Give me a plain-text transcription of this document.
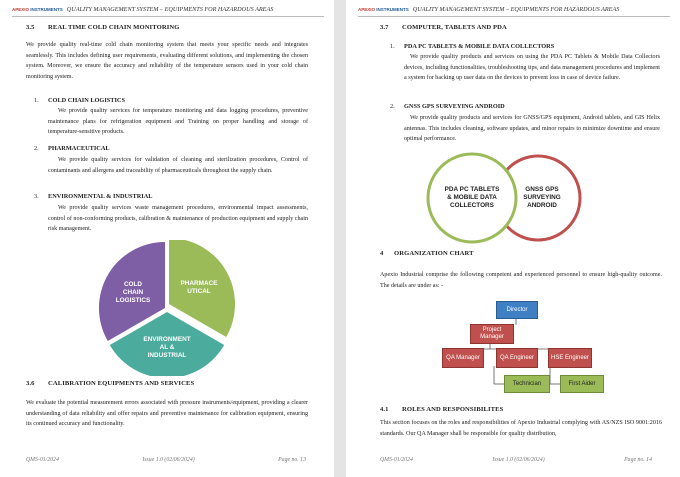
APEXIO INSTRUMENTS QUALITY MANAGEMENT SYSTEM – EQUIPMENTS FOR HAZARDOUS AREAS
3.5 REAL TIME COLD CHAIN MONITORING
We provide quality real-time cold chain monitoring system that meets your specific needs and integrates seamlessly. This includes defining user requirements, evaluating different solutions, and implementing the chosen system. Moreover, we ensure the accuracy and reliability of the temperature sensors used in your cold chain monitoring system.
1. COLD CHAIN LOGISTICS
We provide quality services for temperature monitoring and data logging procedures, preventive maintenance plans for refrigeration equipment and Training on proper handling and storage of temperature-sensitive products.
2. PHARMACEUTICAL
We provide quality services for validation of cleaning and sterilization procedures, Control of contaminants and allergens and traceability of pharmaceuticals throughout the supply chain.
3. ENVIRONMENTAL & INDUSTRIAL
We provide quality services waste management procedures, environmental impact assessments, control of non-conforming products, calibration & maintenance of production equipment and supply chain risk management.
COLD
CHAIN
LOGISTICS
PHARMACE
UTICAL
ENVIRONMENT
AL &
INDUSTRIAL
3.6 CALIBRATION EQUIPMENTS AND SERVICES
We evaluate the potential measurement errors associated with pressure instruments/equipment, providing a clearer understanding of data reliability and offer repairs and preventive maintenance for calibration equipment, ensuring its continued accuracy and functionality.
QMS-01/2024	Issue 1.0 (02/06/2024)	Page no. 13
APEXIO INSTRUMENTS QUALITY MANAGEMENT SYSTEM – EQUIPMENTS FOR HAZARDOUS AREAS
3.7 COMPUTER, TABLETS AND PDA
1. PDA PC TABLETS & MOBILE DATA COLLECTORS
We provide quality products and services on using the PDA PC Tablets & Mobile Data Collectors devices, including functionalities, troubleshooting tips, and data management procedures and implement a system for backing up user data on the devices to prevent loss in case of device failure.
2. GNSS GPS SURVEYING ANDROID
We provide quality products and services for GNSS/GPS equipment, Android tablets, and GIS Helix antennas. This includes cleaning, software updates, and minor repairs to minimize downtime and ensure optimal performance.
PDA PC TABLETS
& MOBILE DATA
COLLECTORS
GNSS GPS
SURVEYING
ANDROID
4 ORGANIZATION CHART
Apexio Industrial comprise the following competent and experienced personnel to ensure high-quality outcome. The details are under as: -
Director
Project Manager
QA Manager	QA Engineer	HSE Engineer
Technician	First Aider
4.1 ROLES AND RESPONSIBILITES
This section focuses on the roles and responsibilities of Apexio Industrial complying with AS/NZS ISO 9001:2016 standards. Our QA Manager shall be responsible for quality distribution,
QMS-01/2024	Issue 1.0 (02/06/2024)	Page no. 14
